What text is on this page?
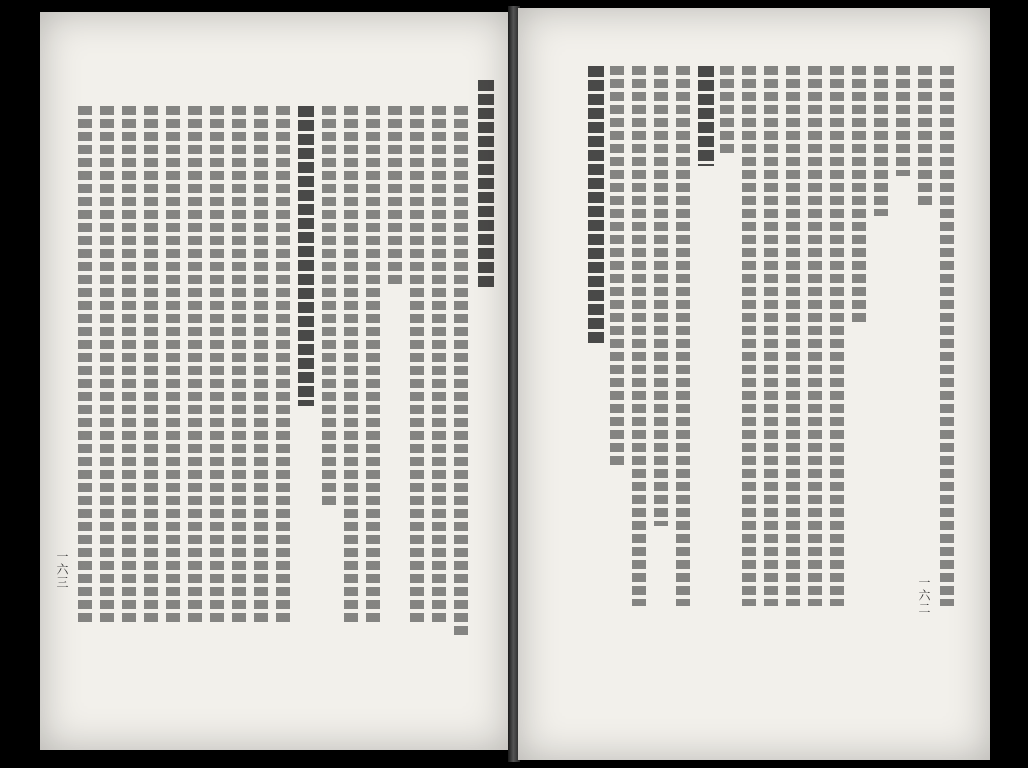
一六三
一六二
